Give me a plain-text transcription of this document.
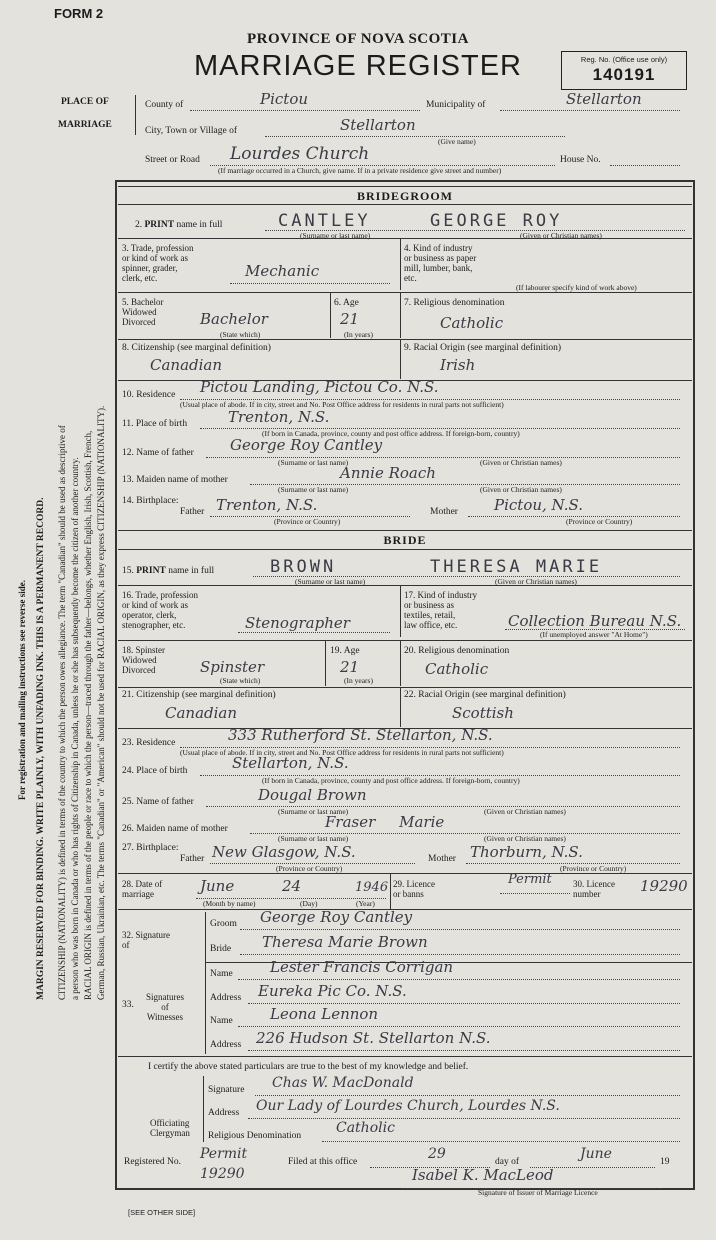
FORM 2
PROVINCE OF NOVA SCOTIA
MARRIAGE REGISTER	Reg. No. (Office use only)
140191
PLACE OF
MARRIAGE
County of	Pictou	Municipality of	Stellarton
City, Town or Village of	Stellarton
(Give name)
Street or Road Lourdes Church	House No.
(If marriage occurred in a Church, give name. If in a private residence give street and number)
MARGIN RESERVED FOR BINDING. WRITE PLAINLY, WITH UNFADING INK. THIS IS A PERMANENT RECORD.
For registration and mailing instructions see reverse side.	CITIZENSHIP (NATIONALITY) is defined in terms of the country to which the person owes allegiance. The term "Canadian" should be used as descriptive of a person who was born in Canada or who has rights of Citizenship in Canada, unless he or she has subsequently become the citizen of another country. RACIAL ORIGIN is defined in terms of the people or race to which the person—traced through the father—belongs, whether English, Irish, Scottish, French, German, Russian, Ukrainian, etc. The terms "Canadian" or "American" should not be used for RACIAL ORIGIN, as they express CITIZENSHIP (NATIONALITY).
BRIDEGROOM
2. PRINT name in full	CANTLEY	GEORGE ROY
(Surname or last name)	(Given or Christian names)
3. Trade, profession
or kind of work as
spinner, grader,
clerk, etc.	Mechanic
4. Kind of industry
or business as paper
mill, lumber, bank,
etc.
(If labourer specify kind of work above)
5. Bachelor
Widowed
Divorced	Bachelor
(State which)
6. Age
21
(In years)
7. Religious denomination
Catholic
8. Citizenship (see marginal definition)
Canadian
9. Racial Origin (see marginal definition)
Irish
10. Residence Pictou Landing, Pictou Co. N.S.
(Usual place of abode. If in city, street and No. Post Office address for residents in rural parts not sufficient)
11. Place of birth	Trenton, N.S.
(If born in Canada, province, county and post office address. If foreign-born, country)
12. Name of father George Roy Cantley
(Surname or last name)	(Given or Christian names)
13. Maiden name of mother	Annie Roach
(Surname or last name)	(Given or Christian names)
14. Birthplace:
Father Trenton, N.S.
(Province or Country)
Mother Pictou, N.S.
(Province or Country)
BRIDE
15. PRINT name in full	BROWN	THERESA MARIE
(Surname or last name)	(Given or Christian names)
16. Trade, profession
or kind of work as
operator, clerk,
stenographer, etc.	Stenographer
17. Kind of industry
or business as
textiles, retail,
law office, etc.	Collection Bureau N.S.
(If unemployed answer "At Home")
18. Spinster
Widowed
Divorced	Spinster
(State which)
19. Age
21
(In years)
20. Religious denomination
Catholic
21. Citizenship (see marginal definition)
Canadian
22. Racial Origin (see marginal definition)
Scottish
23. Residence	333 Rutherford St. Stellarton, N.S.
(Usual place of abode. If in city, street and No. Post Office address for residents in rural parts not sufficient)
24. Place of birth	Stellarton, N.S.
(If born in Canada, province, county and post office address. If foreign-born, country)
25. Name of father	Dougal Brown
(Surname or last name)	(Given or Christian names)
26. Maiden name of mother	Fraser     Marie
(Surname or last name)	(Given or Christian names)
27. Birthplace:
Father New Glasgow, N.S.
(Province or Country)
Mother Thorburn, N.S.
(Province or Country)
28. Date of
marriage	June	24	1946
(Month by name)	(Day)	(Year)
29. Licence
or banns
Permit 30. Licence
number	19290
32. Signature
of
Groom George Roy Cantley
Bride Theresa Marie Brown
33.
Signatures
of
Witnesses
Name Lester Francis Corrigan
Address Eureka Pic Co. N.S.
Name Leona Lennon
Address 226 Hudson St. Stellarton N.S.
I certify the above stated particulars are true to the best of my knowledge and belief.
Officiating
Clergyman
Signature Chas W. MacDonald
Address Our Lady of Lourdes Church, Lourdes N.S.
Religious Denomination Catholic
Registered No. Permit
19290
Filed at this office	29	day of	June	19
Isabel K. MacLeod
Signature of Issuer of Marriage Licence
[SEE OTHER SIDE]
